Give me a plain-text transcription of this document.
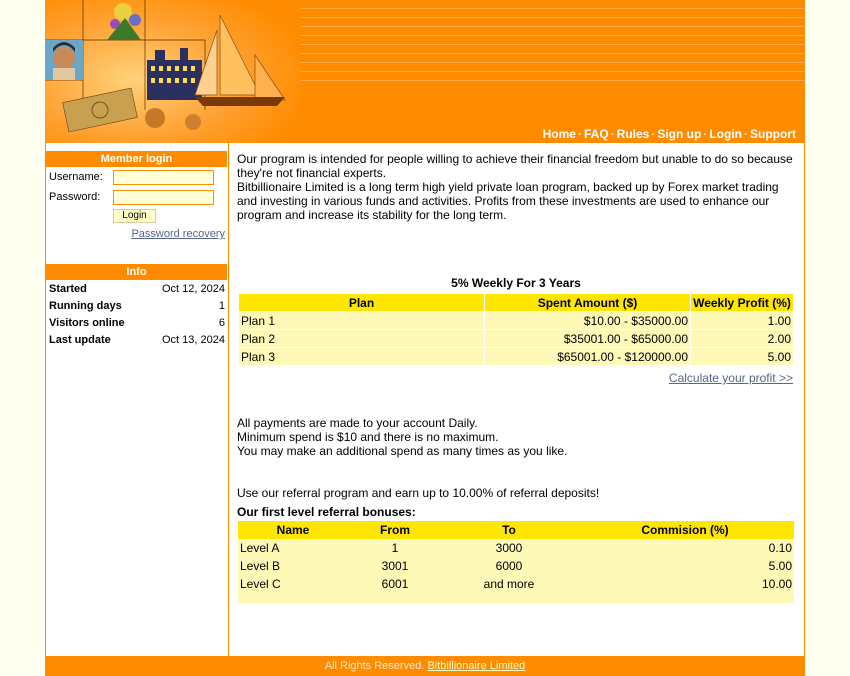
Home · FAQ · Rules · Sign up · Login · Support
Member login
Username:
Password:
Login
Password recovery
Info
Started	Oct 12, 2024
Running days	1
Visitors online	6
Last update	Oct 13, 2024

Our program is intended for people willing to achieve their financial freedom but unable to do so because they're not financial experts.

Bitbillionaire Limited is a long term high yield private loan program, backed up by Forex market trading and investing in various funds and activities. Profits from these investments are used to enhance our program and increase its stability for the long term.

5% Weekly For 3 Years
Plan	Spent Amount ($)	Weekly Profit (%)
Plan 1	$10.00 - $35000.00	1.00
Plan 2	$35001.00 - $65000.00	2.00
Plan 3	$65001.00 - $120000.00	5.00
Calculate your profit >>
All payments are made to your account Daily.
Minimum spend is $10 and there is no maximum.
You may make an additional spend as many times as you like.
Use our referral program and earn up to 10.00% of referral deposits!
Our first level referral bonuses:
Name	From	To	Commision (%)
Level A	1	3000	0.10
Level B	3001	6000	5.00
Level C	6001	and more	10.00

All Rights Reserved. Bitbillionaire Limited
